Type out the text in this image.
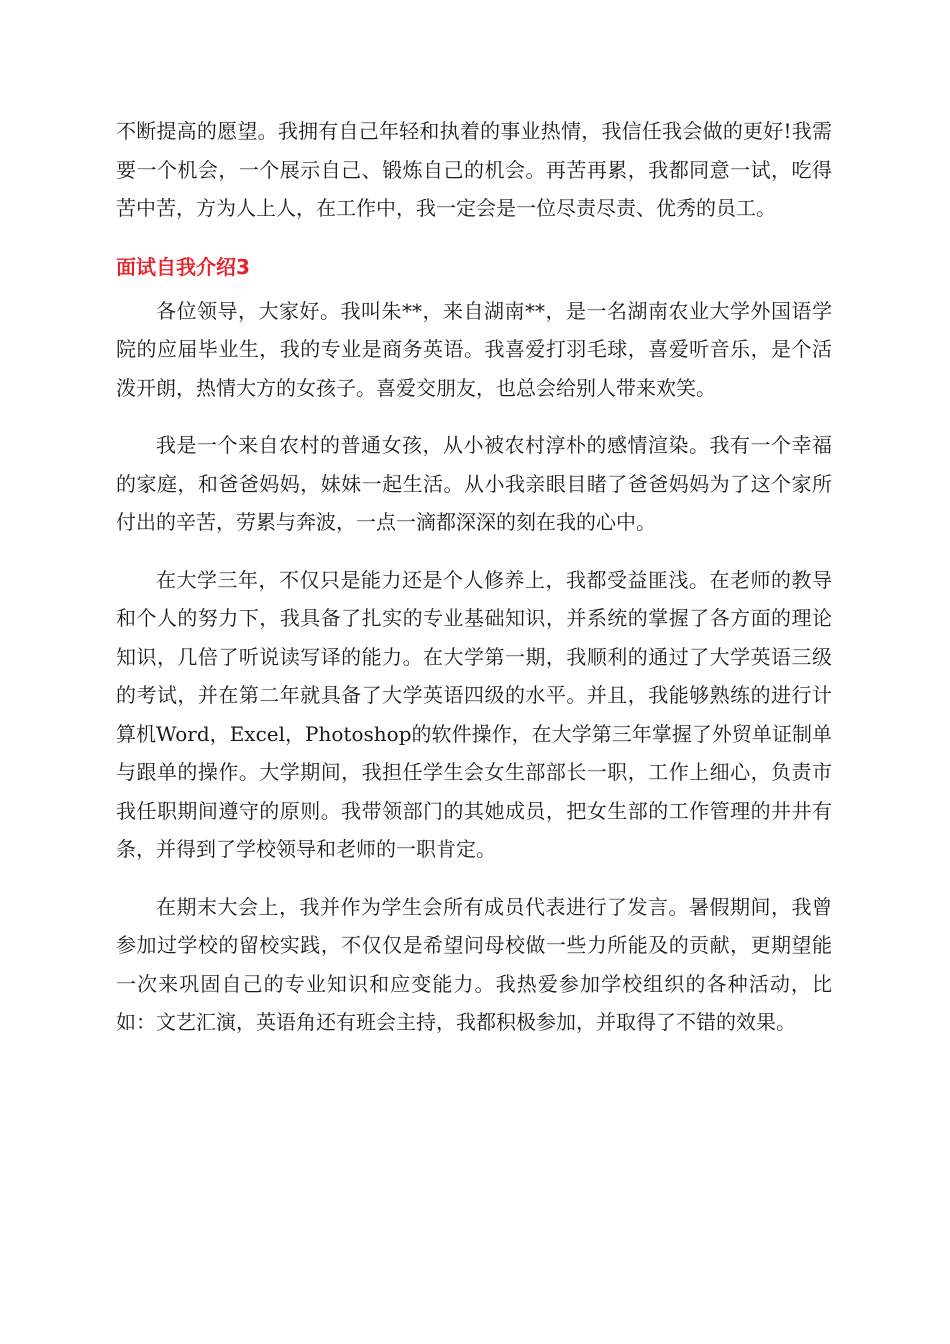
不断提高的愿望。我拥有自己年轻和执着的事业热情，我信任我会做的更好!我需要一个机会，一个展示自己、锻炼自己的机会。再苦再累，我都同意一试，吃得苦中苦，方为人上人，在工作中，我一定会是一位尽责尽责、优秀的员工。

面试自我介绍3

各位领导，大家好。我叫朱**，来自湖南**，是一名湖南农业大学外国语学院的应届毕业生，我的专业是商务英语。我喜爱打羽毛球，喜爱听音乐，是个活泼开朗，热情大方的女孩子。喜爱交朋友，也总会给别人带来欢笑。

我是一个来自农村的普通女孩，从小被农村淳朴的感情渲染。我有一个幸福的家庭，和爸爸妈妈，妹妹一起生活。从小我亲眼目睹了爸爸妈妈为了这个家所付出的辛苦，劳累与奔波，一点一滴都深深的刻在我的心中。

在大学三年，不仅只是能力还是个人修养上，我都受益匪浅。在老师的教导和个人的努力下，我具备了扎实的专业基础知识，并系统的掌握了各方面的理论知识，几倍了听说读写译的能力。在大学第一期，我顺利的通过了大学英语三级的考试，并在第二年就具备了大学英语四级的水平。并且，我能够熟练的进行计算机Word，Excel，Photoshop的软件操作，在大学第三年掌握了外贸单证制单与跟单的操作。大学期间，我担任学生会女生部部长一职，工作上细心，负责市我任职期间遵守的原则。我带领部门的其她成员，把女生部的工作管理的井井有条，并得到了学校领导和老师的一职肯定。

在期末大会上，我并作为学生会所有成员代表进行了发言。暑假期间，我曾参加过学校的留校实践，不仅仅是希望问母校做一些力所能及的贡献，更期望能一次来巩固自己的专业知识和应变能力。我热爱参加学校组织的各种活动，比如：文艺汇演，英语角还有班会主持，我都积极参加，并取得了不错的效果。
